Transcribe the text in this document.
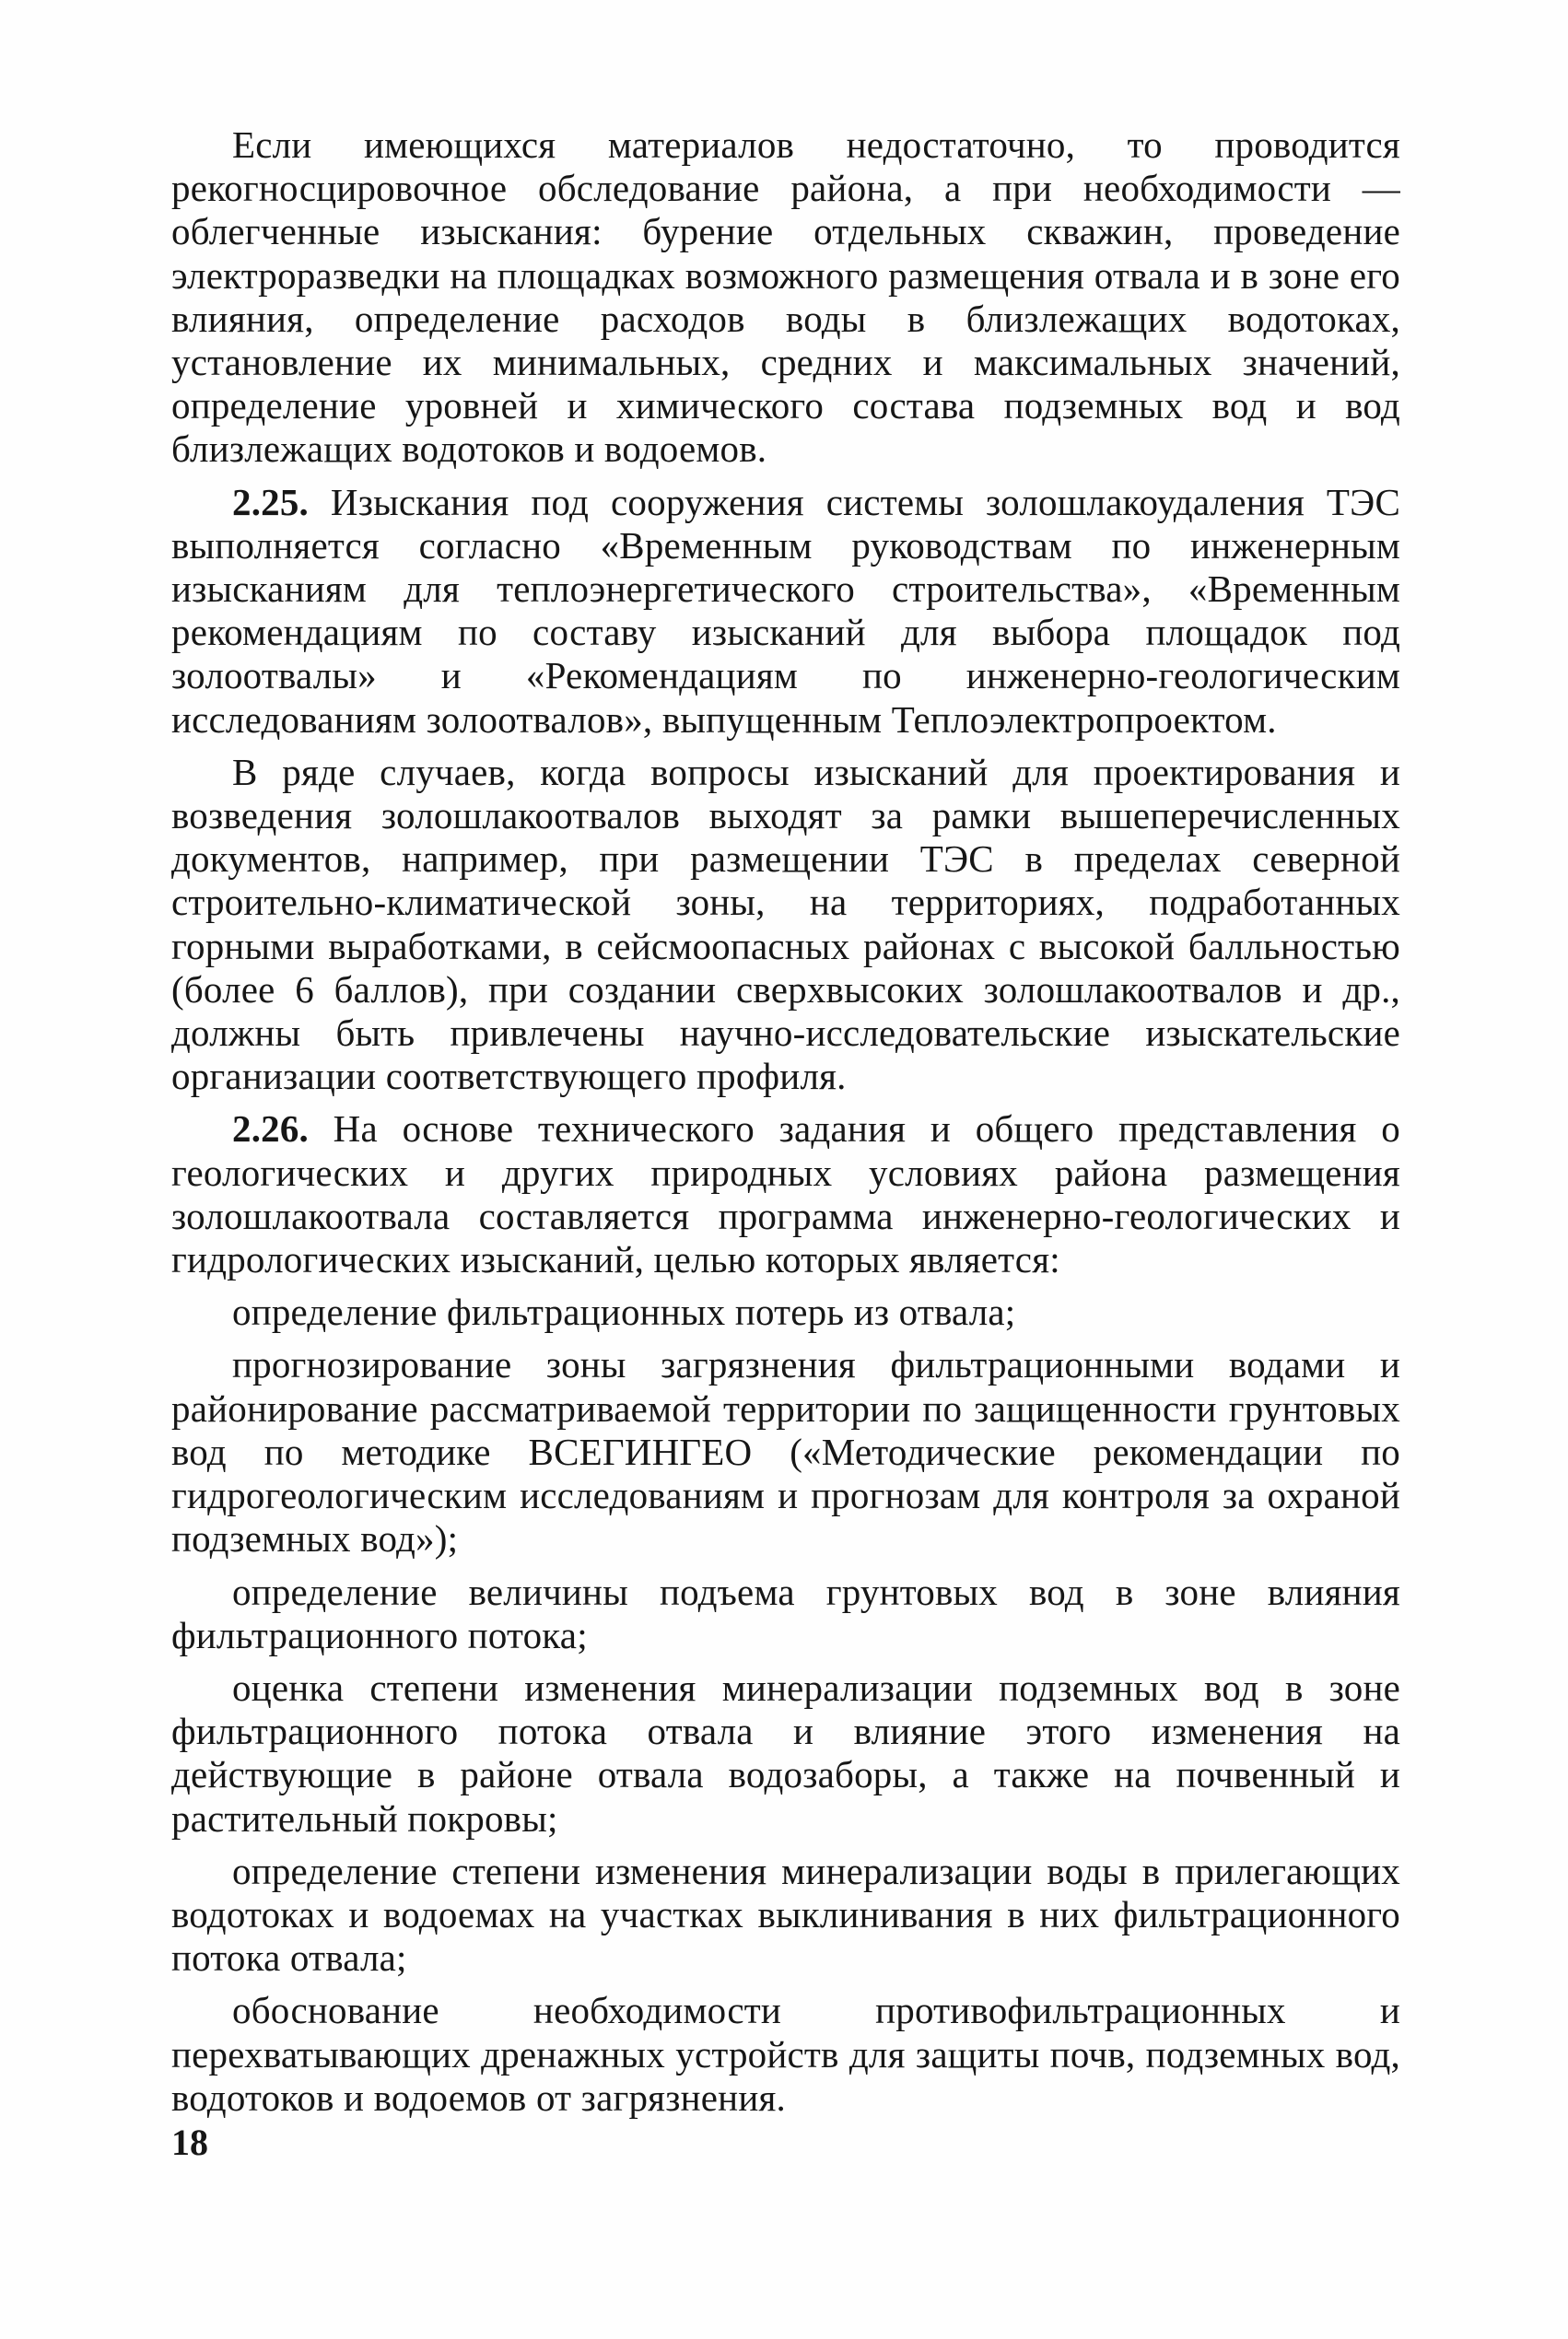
Если имеющихся материалов недостаточно, то проводится рекогносцировочное обследование района, а при необходимости — облегченные изыскания: бурение отдельных скважин, проведение электроразведки на площадках возможного размещения отвала и в зоне его влияния, определение расходов воды в близлежащих водотоках, установление их минимальных, средних и максимальных значений, определение уровней и химического состава подземных вод и вод близлежащих водотоков и водоемов.

2.25. Изыскания под сооружения системы золошлакоудаления ТЭС выполняется согласно «Временным руководствам по инженерным изысканиям для теплоэнергетического строительства», «Временным рекомендациям по составу изысканий для выбора площадок под золоотвалы» и «Рекомендациям по инженерно-геологическим исследованиям золоотвалов», выпущенным Теплоэлектропроектом.

В ряде случаев, когда вопросы изысканий для проектирования и возведения золошлакоотвалов выходят за рамки вышеперечисленных документов, например, при размещении ТЭС в пределах северной строительно-климатической зоны, на территориях, подработанных горными выработками, в сейсмоопасных районах с высокой балльностью (более 6 баллов), при создании сверхвысоких золошлакоотвалов и др., должны быть привлечены научно-исследовательские изыскательские организации соответствующего профиля.

2.26. На основе технического задания и общего представления о геологических и других природных условиях района размещения золошлакоотвала составляется программа инженерно-геологических и гидрологических изысканий, целью которых является:

определение фильтрационных потерь из отвала;

прогнозирование зоны загрязнения фильтрационными водами и районирование рассматриваемой территории по защищенности грунтовых вод по методике ВСЕГИНГЕО («Методические рекомендации по гидрогеологическим исследованиям и прогнозам для контроля за охраной подземных вод»);

определение величины подъема грунтовых вод в зоне влияния фильтрационного потока;

оценка степени изменения минерализации подземных вод в зоне фильтрационного потока отвала и влияние этого изменения на действующие в районе отвала водозаборы, а также на почвенный и растительный покровы;

определение степени изменения минерализации воды в прилегающих водотоках и водоемах на участках выклинивания в них фильтрационного потока отвала;

обоснование необходимости противофильтрационных и перехватывающих дренажных устройств для защиты почв, подземных вод, водотоков и водоемов от загрязнения.

18
